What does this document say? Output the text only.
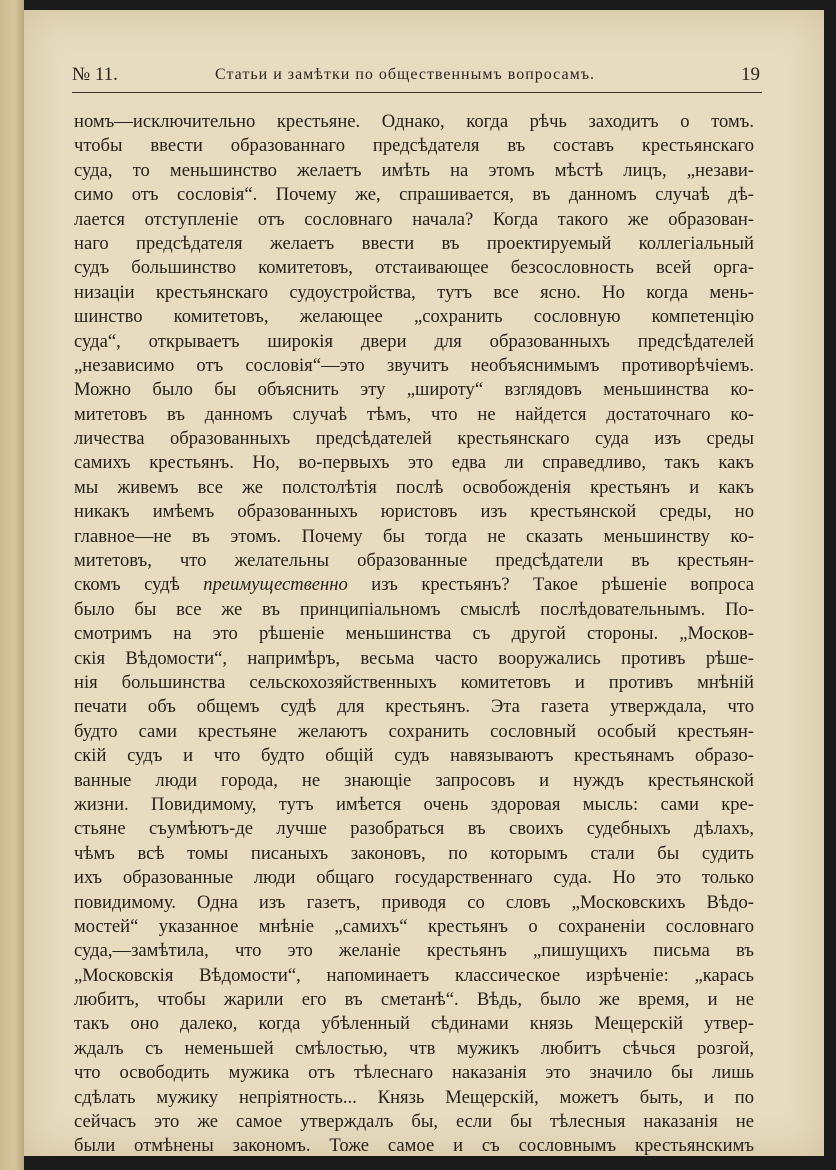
№ 11.	Статьи и замѣтки по общественнымъ вопросамъ.	19
номъ—исключительно крестьяне. Однако, когда рѣчь заходитъ о томъ.
чтобы ввести образованнаго предсѣдателя въ составъ крестьянскаго
суда, то меньшинство желаетъ имѣть на этомъ мѣстѣ лицъ, „незави-
симо отъ сословія“. Почему же, спрашивается, въ данномъ случаѣ дѣ-
лается отступленіе отъ сословнаго начала? Когда такого же образован-
наго предсѣдателя желаетъ ввести въ проектируемый коллегіальный
судъ большинство комитетовъ, отстаивающее безсословность всей орга-
низаціи крестьянскаго судоустройства, тутъ все ясно. Но когда мень-
шинство комитетовъ, желающее „сохранить сословную компетенцію
суда“, открываетъ широкія двери для образованныхъ предсѣдателей
„независимо отъ сословія“—это звучитъ необъяснимымъ противорѣчіемъ.
Можно было бы объяснить эту „широту“ взглядовъ меньшинства ко-
митетовъ въ данномъ случаѣ тѣмъ, что не найдется достаточнаго ко-
личества образованныхъ предсѣдателей крестьянскаго суда изъ среды
самихъ крестьянъ. Но, во-первыхъ это едва ли справедливо, такъ какъ
мы живемъ все же полстолѣтія послѣ освобожденія крестьянъ и какъ
никакъ имѣемъ образованныхъ юристовъ изъ крестьянской среды, но
главное—не въ этомъ. Почему бы тогда не сказать меньшинству ко-
митетовъ, что желательны образованные предсѣдатели въ крестьян-
скомъ судѣ преимущественно изъ крестьянъ? Такое рѣшеніе вопроса
было бы все же въ принципіальномъ смыслѣ послѣдовательнымъ. По-
смотримъ на это рѣшеніе меньшинства съ другой стороны. „Москов-
скія Вѣдомости“, напримѣръ, весьма часто вооружались противъ рѣше-
нія большинства сельскохозяйственныхъ комитетовъ и противъ мнѣній
печати объ общемъ судѣ для крестьянъ. Эта газета утверждала, что
будто сами крестьяне желаютъ сохранить сословный особый крестьян-
скій судъ и что будто общій судъ навязываютъ крестьянамъ образо-
ванные люди города, не знающіе запросовъ и нуждъ крестьянской
жизни. Повидимому, тутъ имѣется очень здоровая мысль: сами кре-
стьяне съумѣютъ-де лучше разобраться въ своихъ судебныхъ дѣлахъ,
чѣмъ всѣ томы писаныхъ законовъ, по которымъ стали бы судить
ихъ образованные люди общаго государственнаго суда. Но это только
повидимому. Одна изъ газетъ, приводя со словъ „Московскихъ Вѣдо-
мостей“ указанное мнѣніе „самихъ“ крестьянъ о сохраненіи сословнаго
суда,—замѣтила, что это желаніе крестьянъ „пишущихъ письма въ
„Московскія Вѣдомости“, напоминаетъ классическое изрѣченіе: „карась
любитъ, чтобы жарили его въ сметанѣ“. Вѣдь, было же время, и не
такъ оно далеко, когда убѣленный сѣдинами князь Мещерскій утвер-
ждалъ съ неменьшей смѣлостью, чтв мужикъ любитъ сѣчься розгой,
что освободить мужика отъ тѣлеснаго наказанія это значило бы лишь
сдѣлать мужику непріятность... Князь Мещерскій, можетъ быть, и по
сейчасъ это же самое утверждалъ бы, если бы тѣлесныя наказанія не
были отмѣнены закономъ. Тоже самое и съ сословнымъ крестьянскимъ
